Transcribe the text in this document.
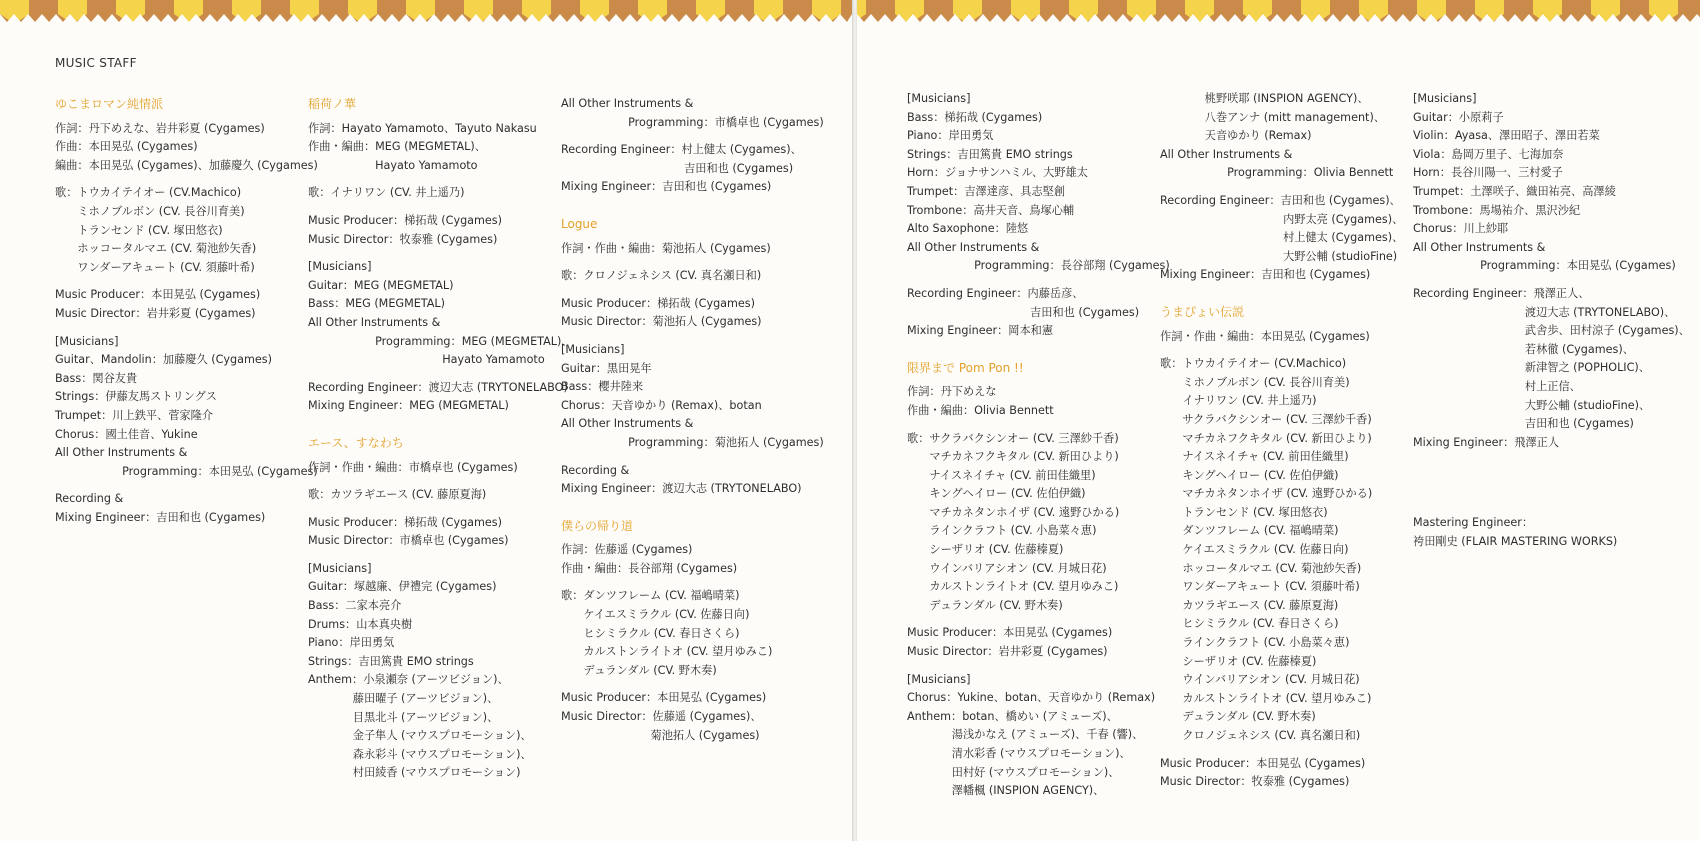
MUSIC STAFF
ゆこまロマン純情派
作詞：丹下めえな、岩井彩夏 (Cygames)
作曲：本田晃弘 (Cygames)
編曲：本田晃弘 (Cygames)、加藤慶久 (Cygames)
歌：トウカイテイオー (CV.Machico)
　　ミホノブルボン (CV. 長谷川育美)
　　トランセンド (CV. 塚田悠衣)
　　ホッコータルマエ (CV. 菊池紗矢香)
　　ワンダーアキュート (CV. 須藤叶希)
Music Producer：本田晃弘 (Cygames)
Music Director：岩井彩夏 (Cygames)
[Musicians]
Guitar、Mandolin：加藤慶久 (Cygames)
Bass：関谷友貴
Strings：伊藤友馬ストリングス
Trumpet：川上鉄平、菅家隆介
Chorus：國土佳音、Yukine
All Other Instruments &
　　　　　　Programming：本田晃弘 (Cygames)
Recording &
Mixing Engineer：吉田和也 (Cygames)
稲荷ノ華
作詞：Hayato Yamamoto、Tayuto Nakasu
作曲・編曲：MEG (MEGMETAL)、
　　　　　　Hayato Yamamoto
歌：イナリワン (CV. 井上遥乃)
Music Producer：梯拓哉 (Cygames)
Music Director：牧泰雅 (Cygames)
[Musicians]
Guitar：MEG (MEGMETAL)
Bass：MEG (MEGMETAL)
All Other Instruments &
　　　　　　Programming：MEG (MEGMETAL)、
　　　　　　　　　　　　Hayato Yamamoto
Recording Engineer：渡辺大志 (TRYTONELABO)
Mixing Engineer：MEG (MEGMETAL)
エース、すなわち
作詞・作曲・編曲：市橋卓也 (Cygames)
歌：カツラギエース (CV. 藤原夏海)
Music Producer：梯拓哉 (Cygames)
Music Director：市橋卓也 (Cygames)
[Musicians]
Guitar：塚越廉、伊禮完 (Cygames)
Bass：二家本亮介
Drums：山本真央樹
Piano：岸田勇気
Strings：吉田篤貴 EMO strings
Anthem：小泉瀬奈 (アーツビジョン)、
　　　　藤田曜子 (アーツビジョン)、
　　　　目黒北斗 (アーツビジョン)、
　　　　金子隼人 (マウスプロモーション)、
　　　　森永彩斗 (マウスプロモーション)、
　　　　村田綾香 (マウスプロモーション)
All Other Instruments &
　　　　　　Programming：市橋卓也 (Cygames)
Recording Engineer：村上健太 (Cygames)、
　　　　　　　　　　　吉田和也 (Cygames)
Mixing Engineer：吉田和也 (Cygames)
Logue
作詞・作曲・編曲：菊池拓人 (Cygames)
歌：クロノジェネシス (CV. 真名瀬日和)
Music Producer：梯拓哉 (Cygames)
Music Director：菊池拓人 (Cygames)
[Musicians]
Guitar：黒田晃年
Bass：櫻井陸来
Chorus：天音ゆかり (Remax)、botan
All Other Instruments &
　　　　　　Programming：菊池拓人 (Cygames)
Recording &
Mixing Engineer：渡辺大志 (TRYTONELABO)
僕らの帰り道
作詞：佐藤遥 (Cygames)
作曲・編曲：長谷部翔 (Cygames)
歌：ダンツフレーム (CV. 福嶋晴菜)
　　ケイエスミラクル (CV. 佐藤日向)
　　ヒシミラクル (CV. 春日さくら)
　　カルストンライトオ (CV. 望月ゆみこ)
　　デュランダル (CV. 野木奏)
Music Producer：本田晃弘 (Cygames)
Music Director：佐藤遥 (Cygames)、
　　　　　　　　菊池拓人 (Cygames)
[Musicians]
Bass：梯拓哉 (Cygames)
Piano：岸田勇気
Strings：吉田篤貴 EMO strings
Horn：ジョナサンハミル、大野雄太
Trumpet：吉澤達彦、具志堅創
Trombone：高井天音、鳥塚心輔
Alto Saxophone：陸悠
All Other Instruments &
　　　　　　Programming：長谷部翔 (Cygames)
Recording Engineer：内藤岳彦、
　　　　　　　　　　　吉田和也 (Cygames)
Mixing Engineer：岡本和憲
限界まで Pom Pon !!
作詞：丹下めえな
作曲・編曲：Olivia Bennett
歌：サクラバクシンオー (CV. 三澤紗千香)
　　マチカネフクキタル (CV. 新田ひより)
　　ナイスネイチャ (CV. 前田佳織里)
　　キングヘイロー (CV. 佐伯伊織)
　　マチカネタンホイザ (CV. 遠野ひかる)
　　ラインクラフト (CV. 小島菜々恵)
　　シーザリオ (CV. 佐藤榛夏)
　　ウインバリアシオン (CV. 月城日花)
　　カルストンライトオ (CV. 望月ゆみこ)
　　デュランダル (CV. 野木奏)
Music Producer：本田晃弘 (Cygames)
Music Director：岩井彩夏 (Cygames)
[Musicians]
Chorus：Yukine、botan、天音ゆかり (Remax)
Anthem：botan、橋めい (アミューズ)、
　　　　湯浅かなえ (アミューズ)、千春 (響)、
　　　　清水彩香 (マウスプロモーション)、
　　　　田村好 (マウスプロモーション)、
　　　　澤幡楓 (INSPION AGENCY)、
　　　　桃野咲耶 (INSPION AGENCY)、
　　　　八巻アンナ (mitt management)、
　　　　天音ゆかり (Remax)
All Other Instruments &
　　　　　　Programming：Olivia Bennett
Recording Engineer：吉田和也 (Cygames)、
　　　　　　　　　　　内野太亮 (Cygames)、
　　　　　　　　　　　村上健太 (Cygames)、
　　　　　　　　　　　大野公輔 (studioFine)
Mixing Engineer：吉田和也 (Cygames)
うまぴょい伝説
作詞・作曲・編曲：本田晃弘 (Cygames)
歌：トウカイテイオー (CV.Machico)
　　ミホノブルボン (CV. 長谷川育美)
　　イナリワン (CV. 井上遥乃)
　　サクラバクシンオー (CV. 三澤紗千香)
　　マチカネフクキタル (CV. 新田ひより)
　　ナイスネイチャ (CV. 前田佳織里)
　　キングヘイロー (CV. 佐伯伊織)
　　マチカネタンホイザ (CV. 遠野ひかる)
　　トランセンド (CV. 塚田悠衣)
　　ダンツフレーム (CV. 福嶋晴菜)
　　ケイエスミラクル (CV. 佐藤日向)
　　ホッコータルマエ (CV. 菊池紗矢香)
　　ワンダーアキュート (CV. 須藤叶希)
　　カツラギエース (CV. 藤原夏海)
　　ヒシミラクル (CV. 春日さくら)
　　ラインクラフト (CV. 小島菜々恵)
　　シーザリオ (CV. 佐藤榛夏)
　　ウインバリアシオン (CV. 月城日花)
　　カルストンライトオ (CV. 望月ゆみこ)
　　デュランダル (CV. 野木奏)
　　クロノジェネシス (CV. 真名瀬日和)
Music Producer：本田晃弘 (Cygames)
Music Director：牧泰雅 (Cygames)
[Musicians]
Guitar：小原莉子
Violin：Ayasa、澤田昭子、澤田若菜
Viola：島岡万里子、七海加奈
Horn：長谷川陽一、三村愛子
Trumpet：土澤咲子、織田祐亮、高澤綾
Trombone：馬場祐介、黒沢沙紀
Chorus：川上紗耶
All Other Instruments &
　　　　　　Programming：本田晃弘 (Cygames)
Recording Engineer：飛澤正人、
　　　　　　　　　　渡辺大志 (TRYTONELABO)、
　　　　　　　　　　武舎歩、田村涼子 (Cygames)、
　　　　　　　　　　若林徹 (Cygames)、
　　　　　　　　　　新津智之 (POPHOLIC)、
　　　　　　　　　　村上正信、
　　　　　　　　　　大野公輔 (studioFine)、
　　　　　　　　　　吉田和也 (Cygames)
Mixing Engineer：飛澤正人
Mastering Engineer：
袴田剛史 (FLAIR MASTERING WORKS)
